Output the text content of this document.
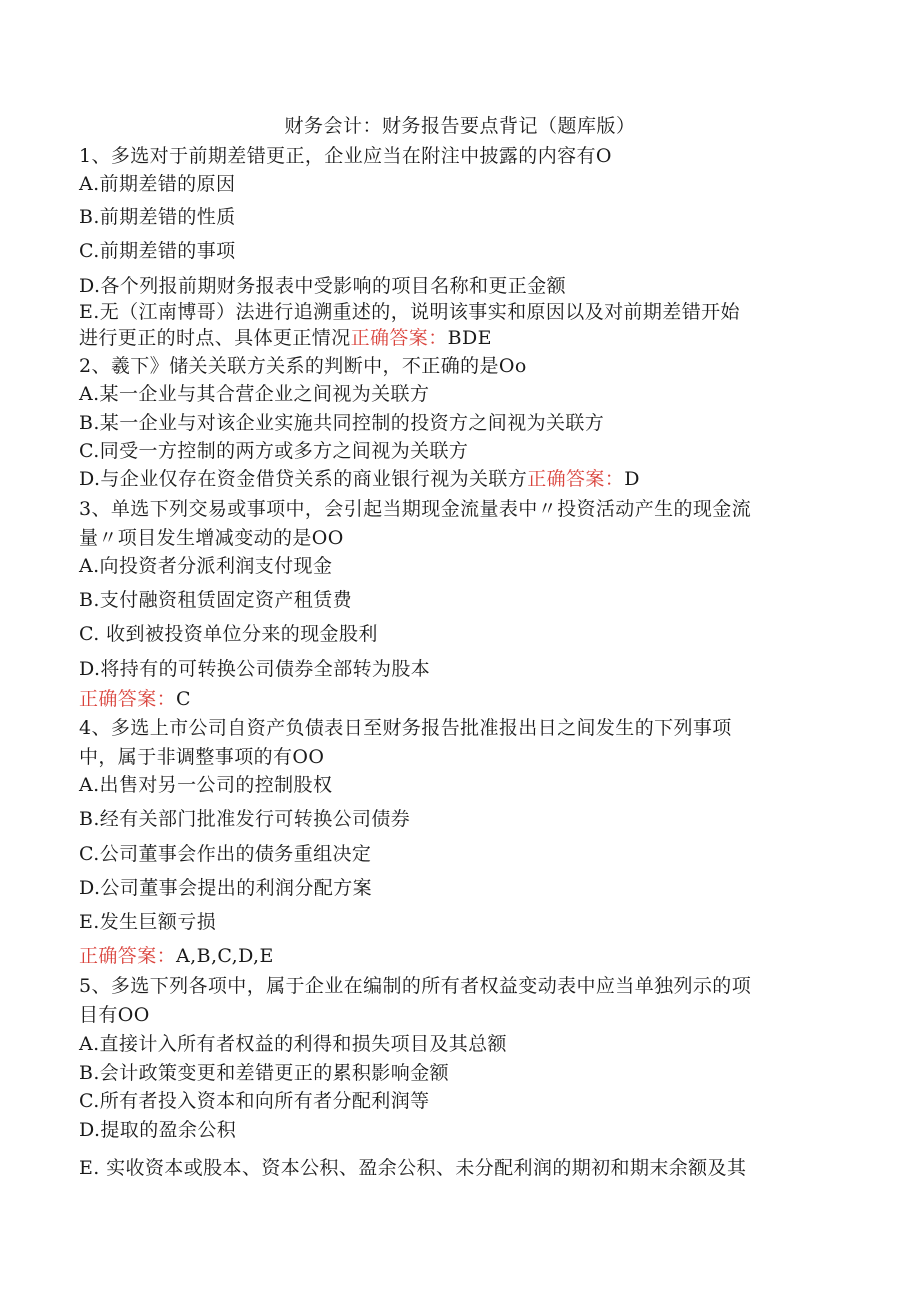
财务会计：财务报告要点背记（题库版）
1、多选对于前期差错更正，企业应当在附注中披露的内容有O
A.前期差错的原因
B.前期差错的性质
C.前期差错的事项
D.各个列报前期财务报表中受影响的项目名称和更正金额
E.无（江南博哥）法进行追溯重述的，说明该事实和原因以及对前期差错开始
进行更正的时点、具体更正情况正确答案：BDE
2、羲下》储关关联方关系的判断中，不正确的是Oo
A.某一企业与其合营企业之间视为关联方
B.某一企业与对该企业实施共同控制的投资方之间视为关联方
C.同受一方控制的两方或多方之间视为关联方
D.与企业仅存在资金借贷关系的商业银行视为关联方正确答案：D
3、单选下列交易或事项中，会引起当期现金流量表中〃投资活动产生的现金流
量〃项目发生增减变动的是OO
A.向投资者分派利润支付现金
B.支付融资租赁固定资产租赁费
C. 收到被投资单位分来的现金股利
D.将持有的可转换公司债券全部转为股本
正确答案：C
4、多选上市公司自资产负债表日至财务报告批准报出日之间发生的下列事项
中，属于非调整事项的有OO
A.出售对另一公司的控制股权
B.经有关部门批准发行可转换公司债券
C.公司董事会作出的债务重组决定
D.公司董事会提出的利润分配方案
E.发生巨额亏损
正确答案：A,B,C,D,E
5、多选下列各项中，属于企业在编制的所有者权益变动表中应当单独列示的项
目有OO
A.直接计入所有者权益的利得和损失项目及其总额
B.会计政策变更和差错更正的累积影响金额
C.所有者投入资本和向所有者分配利润等
D.提取的盈余公积
E. 实收资本或股本、资本公积、盈余公积、未分配利润的期初和期末余额及其
